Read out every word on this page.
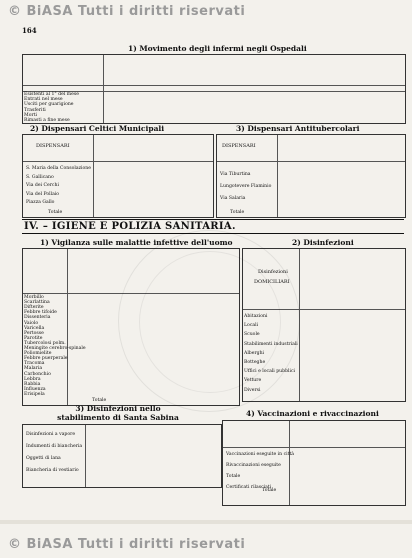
© BiASA Tutti i diritti riservati
164
1) Movimento degli infermi negli Ospedali
2) Dispensari Celtici Municipali	3) Dispensari Antitubercolari
DISPENSARI	DISPENSARI
Totale	Totale
IV. – IGIENE E POLIZIA SANITARIA.
1) Vigilanza sulle malattie infettive dell'uomo	2) Disinfezioni
Disinfezioni
DOMICILIARI
Totale
3) Disinfezioni nello stabilimento di Santa Sabina	4) Vaccinazioni e rivaccinazioni
Totale
© BiASA Tutti i diritti riservati
Esistenti al 1° del mese
Entrati nel mese
Usciti per guarigione
Trasferiti
Morti
Rimasti a fine mese
S. Maria della Consolazione
S. Gallicano
Via dei Cerchi
Via del Pollaio
Piazza Gallo
Via Tiburtina
Lungotevere Flaminio
Via Salaria
Morbillo
Scarlattina
Difterite
Febbre tifoide
Dissenteria
Vaiolo
Varicella
Pertosse
Parotite
Tubercolosi polm.
Meningite cerebro-spinale
Poliomielite
Febbre puerperale
Tracoma
Malaria
Carbonchio
Lebbra
Rabbia
Influenza
Erisipela
Abitazioni
Locali
Scuole
Stabilimenti industriali
Alberghi
Botteghe
Uffici e locali pubblici
Vetture
Diversi
Disinfezioni a vapore
Indumenti di biancheria
Oggetti di lana
Biancheria di vestiario
Vaccinazioni eseguite in città
Rivaccinazioni eseguite
Totale
Certificati rilasciati
